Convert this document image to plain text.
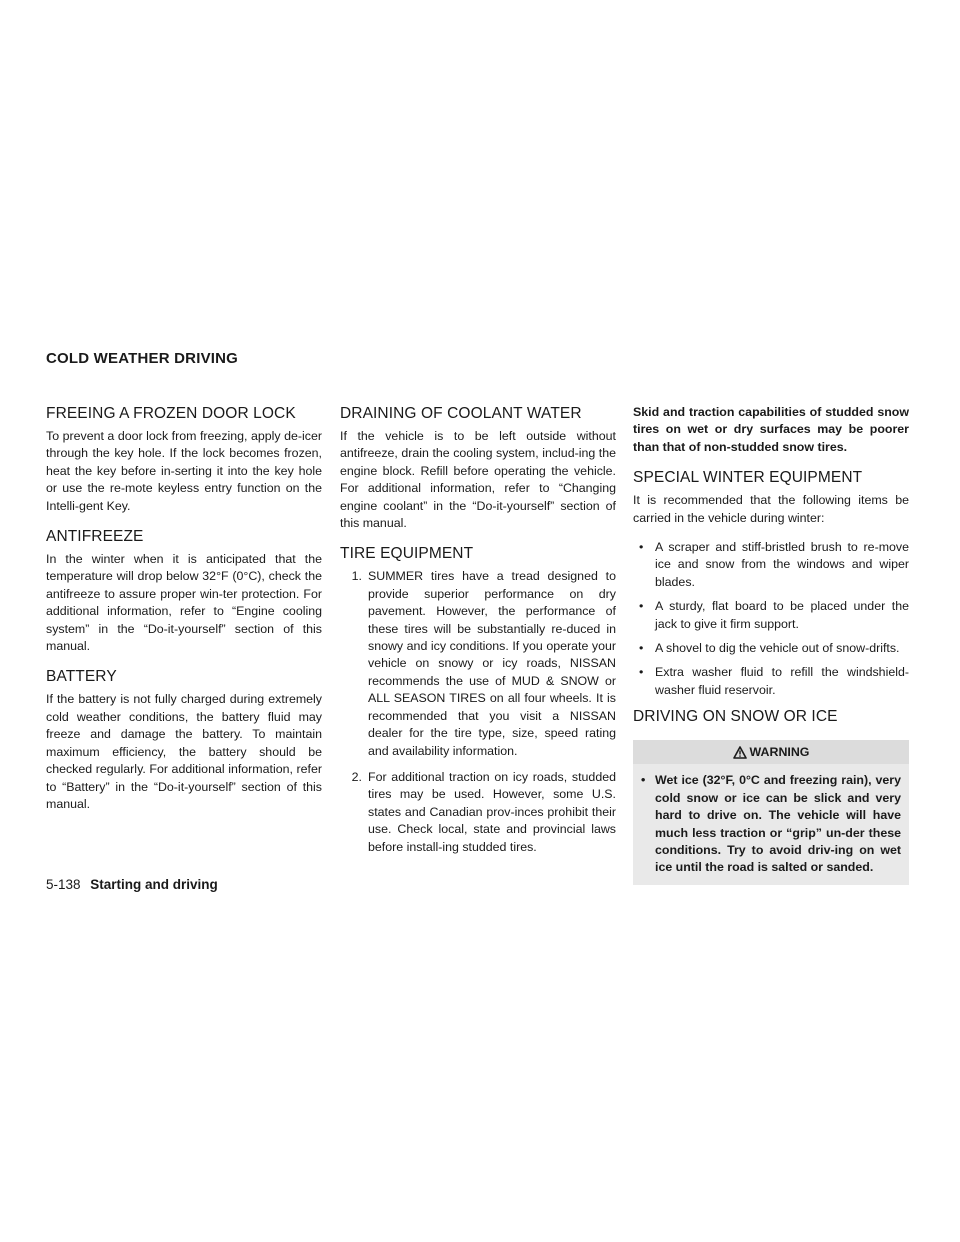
COLD WEATHER DRIVING
FREEING A FROZEN DOOR LOCK

To prevent a door lock from freezing, apply de-icer through the key hole. If the lock becomes frozen, heat the key before in-serting it into the key hole or use the re-mote keyless entry function on the Intelli-gent Key.

ANTIFREEZE

In the winter when it is anticipated that the temperature will drop below 32°F (0°C), check the antifreeze to assure proper win-ter protection. For additional information, refer to “Engine cooling system” in the “Do-it-yourself” section of this manual.

BATTERY

If the battery is not fully charged during extremely cold weather conditions, the battery fluid may freeze and damage the battery. To maintain maximum efficiency, the battery should be checked regularly. For additional information, refer to “Battery” in the “Do-it-yourself” section of this manual.

DRAINING OF COOLANT WATER

If the vehicle is to be left outside without antifreeze, drain the cooling system, includ-ing the engine block. Refill before operating the vehicle. For additional information, refer to “Changing engine coolant” in the “Do-it-yourself” section of this manual.

TIRE EQUIPMENT
1. SUMMER tires have a tread designed to provide superior performance on dry pavement. However, the performance of these tires will be substantially re-duced in snowy and icy conditions. If you operate your vehicle on snowy or icy roads, NISSAN recommends the use of MUD & SNOW or ALL SEASON TIRES on all four wheels. It is recommended that you visit a NISSAN dealer for the tire type, size, speed rating and availability information.
2. For additional traction on icy roads, studded tires may be used. However, some U.S. states and Canadian prov-inces prohibit their use. Check local, state and provincial laws before install-ing studded tires.

Skid and traction capabilities of studded snow tires on wet or dry surfaces may be poorer than that of non-studded snow tires.

SPECIAL WINTER EQUIPMENT

It is recommended that the following items be carried in the vehicle during winter:

• A scraper and stiff-bristled brush to re-move ice and snow from the windows and wiper blades.
• A sturdy, flat board to be placed under the jack to give it firm support.
• A shovel to dig the vehicle out of snow-drifts.
• Extra washer fluid to refill the windshield-washer fluid reservoir.
DRIVING ON SNOW OR ICE
WARNING
• Wet ice (32°F, 0°C and freezing rain), very cold snow or ice can be slick and very hard to drive on. The vehicle will have much less traction or “grip” un-der these conditions. Try to avoid driv-ing on wet ice until the road is salted or sanded.
5-138 Starting and driving
